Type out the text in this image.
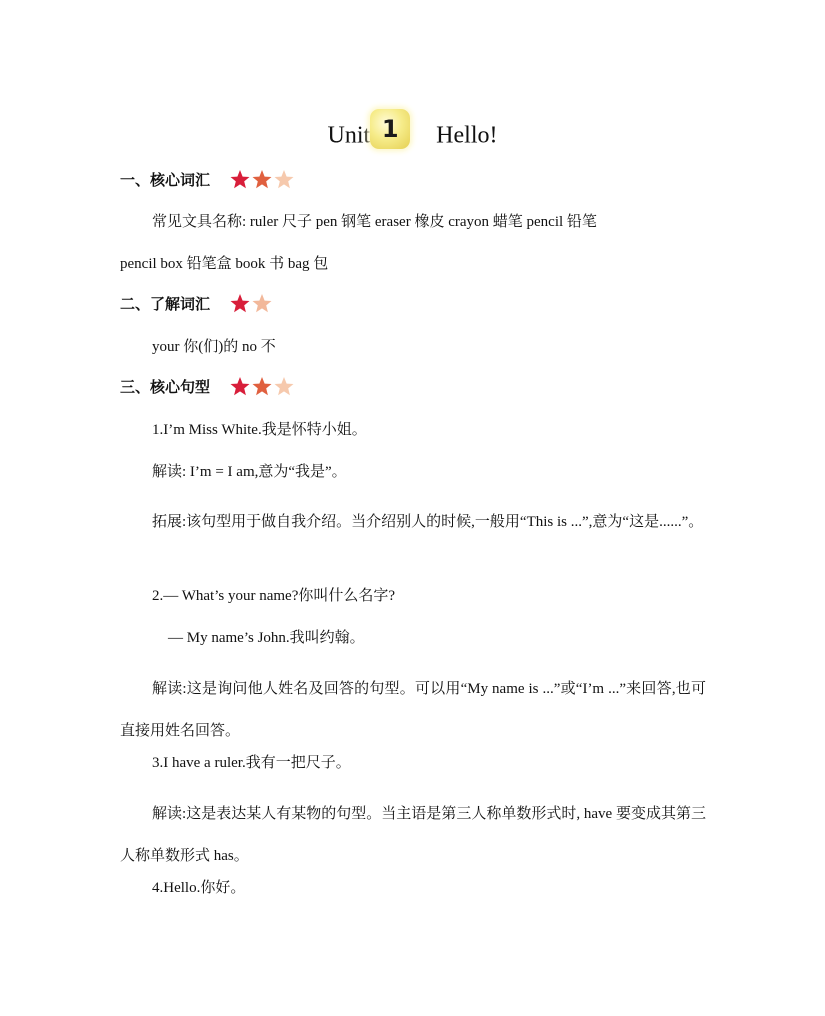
Unit 1	Hello!
一、核心词汇
常见文具名称: ruler 尺子 pen 钢笔 eraser 橡皮 crayon 蜡笔 pencil 铅笔
pencil box 铅笔盒 book 书 bag 包
二、了解词汇
your 你(们)的 no 不
三、核心句型
1.I’m Miss White.我是怀特小姐。
解读: I’m = I am,意为“我是”。
拓展:该句型用于做自我介绍。当介绍别人的时候,一般用“This is ...”,意为“这是......”。
2.— What’s your name?你叫什么名字?
— My name’s John.我叫约翰。
解读:这是询问他人姓名及回答的句型。可以用“My name is ...”或“I’m ...”来回答,也可直接用姓名回答。
3.I have a ruler.我有一把尺子。
解读:这是表达某人有某物的句型。当主语是第三人称单数形式时, have 要变成其第三人称单数形式 has。
4.Hello.你好。
